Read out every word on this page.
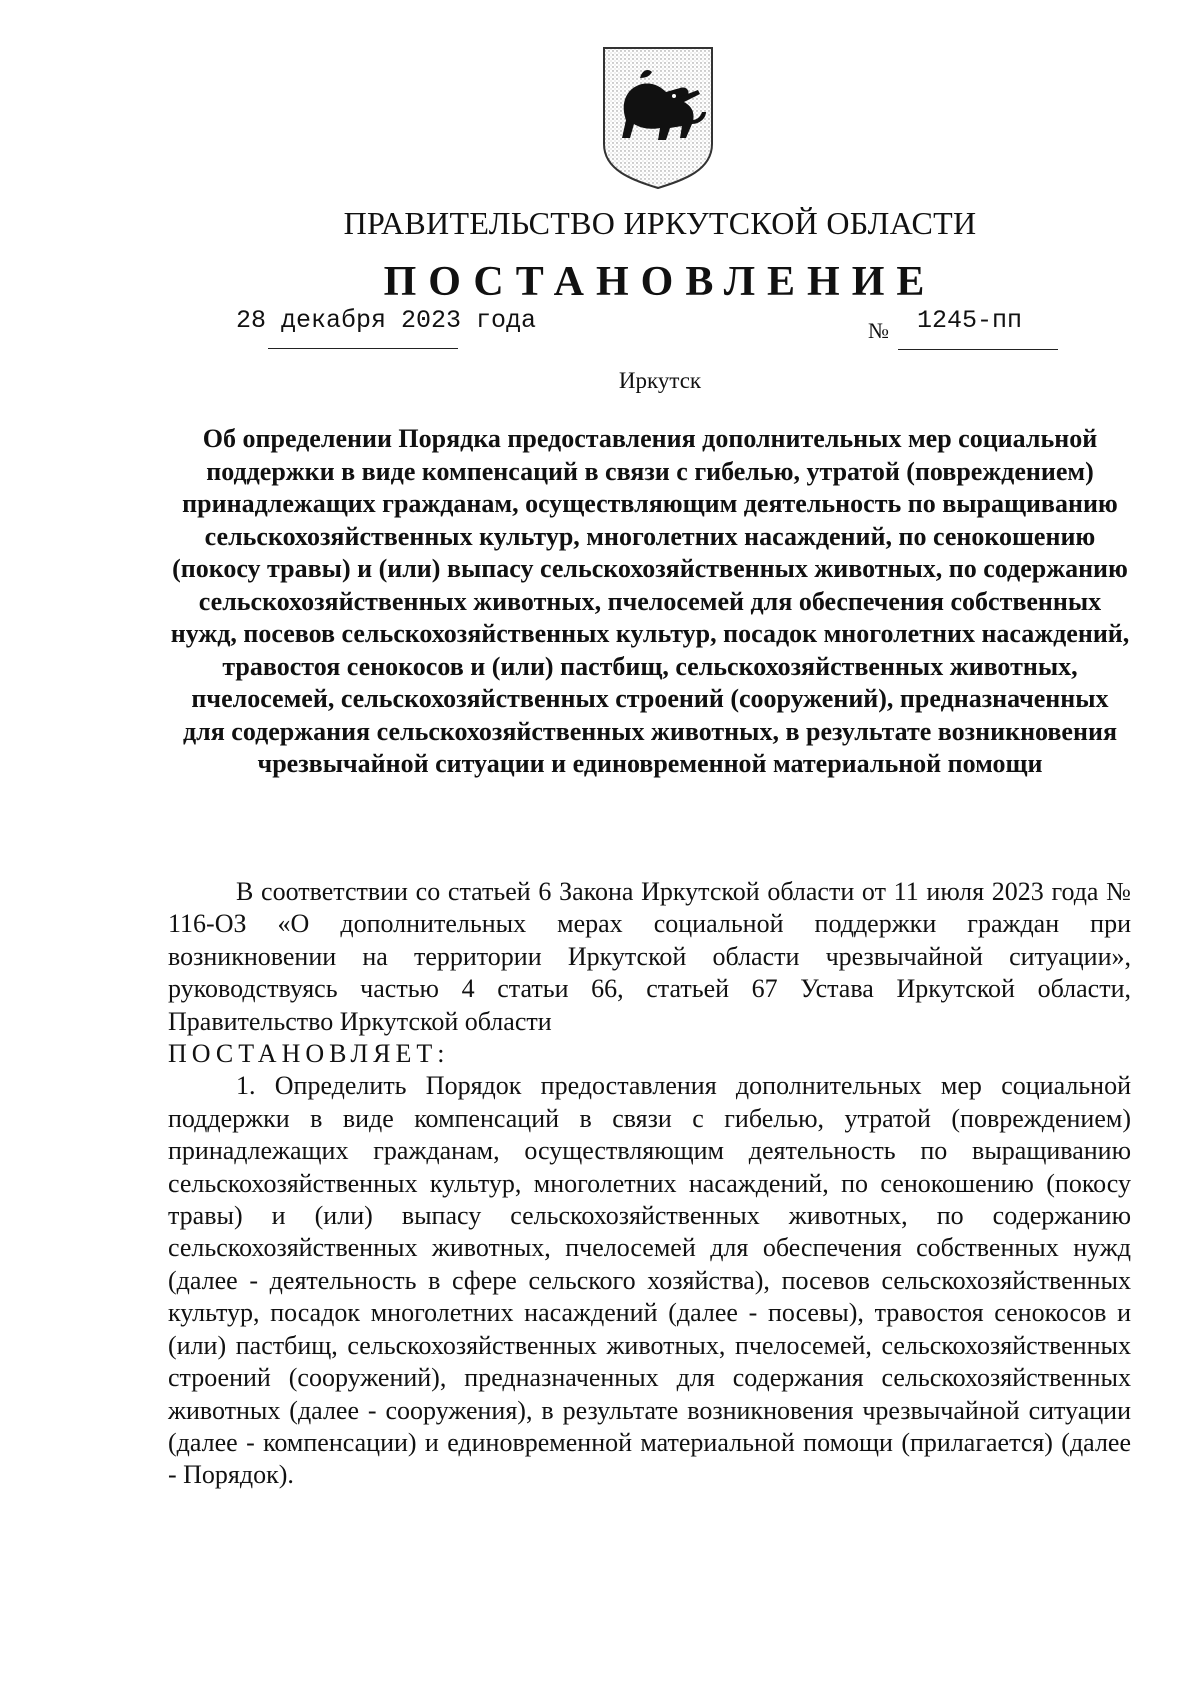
ПРАВИТЕЛЬСТВО ИРКУТСКОЙ ОБЛАСТИ
ПОСТАНОВЛЕНИЕ
28 декабря 2023 года	№ 1245-пп
Иркутск
Об определении Порядка предоставления дополнительных мер социальной поддержки в виде компенсаций в связи с гибелью, утратой (повреждением) принадлежащих гражданам, осуществляющим деятельность по выращиванию сельскохозяйственных культур, многолетних насаждений, по сенокошению (покосу травы) и (или) выпасу сельскохозяйственных животных, по содержанию сельскохозяйственных животных, пчелосемей для обеспечения собственных нужд, посевов сельскохозяйственных культур, посадок многолетних насаждений, травостоя сенокосов и (или) пастбищ, сельскохозяйственных животных, пчелосемей, сельскохозяйственных строений (сооружений), предназначенных для содержания сельскохозяйственных животных, в результате возникновения чрезвычайной ситуации и единовременной материальной помощи

В соответствии со статьей 6 Закона Иркутской области от 11 июля 2023 года № 116-ОЗ «О дополнительных мерах социальной поддержки граждан при возникновении на территории Иркутской области чрезвычайной ситуации», руководствуясь частью 4 статьи 66, статьей 67 Устава Иркутской области, Правительство Иркутской области

ПОСТАНОВЛЯЕТ:

1. Определить Порядок предоставления дополнительных мер социальной поддержки в виде компенсаций в связи с гибелью, утратой (повреждением) принадлежащих гражданам, осуществляющим деятельность по выращиванию сельскохозяйственных культур, многолетних насаждений, по сенокошению (покосу травы) и (или) выпасу сельскохозяйственных животных, по содержанию сельскохозяйственных животных, пчелосемей для обеспечения собственных нужд (далее - деятельность в сфере сельского хозяйства), посевов сельскохозяйственных культур, посадок многолетних насаждений (далее - посевы), травостоя сенокосов и (или) пастбищ, сельскохозяйственных животных, пчелосемей, сельскохозяйственных строений (сооружений), предназначенных для содержания сельскохозяйственных животных (далее - сооружения), в результате возникновения чрезвычайной ситуации (далее - компенсации) и единовременной материальной помощи (прилагается) (далее - Порядок).
